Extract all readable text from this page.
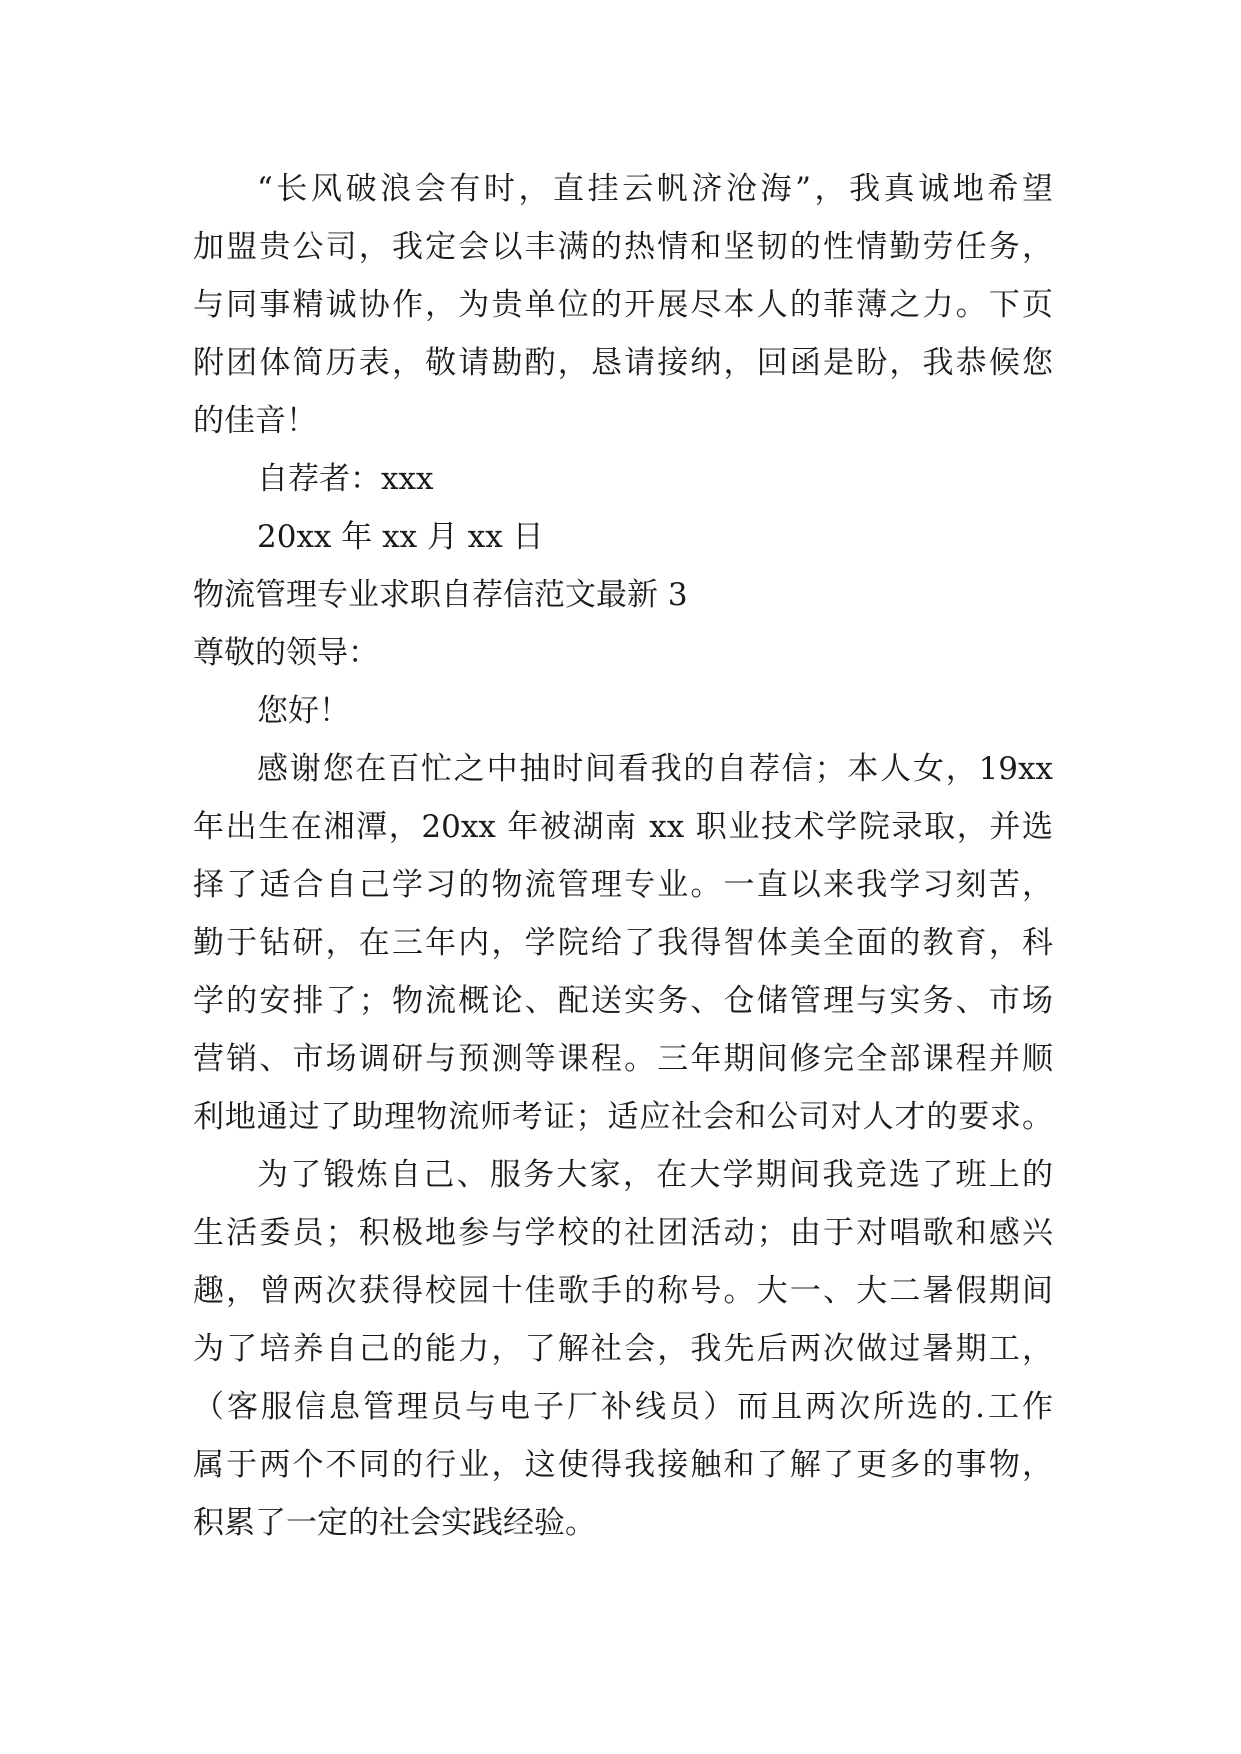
“长风破浪会有时，直挂云帆济沧海”，我真诚地希望
加盟贵公司，我定会以丰满的热情和坚韧的性情勤劳任务，
与同事精诚协作，为贵单位的开展尽本人的菲薄之力。下页
附团体简历表，敬请勘酌，恳请接纳，回函是盼，我恭候您
的佳音！
自荐者：xxx
20xx 年 xx 月 xx 日
物流管理专业求职自荐信范文最新 3
尊敬的领导：
您好！
感谢您在百忙之中抽时间看我的自荐信；本人女，19xx
年出生在湘潭，20xx 年被湖南 xx 职业技术学院录取，并选
择了适合自己学习的物流管理专业。一直以来我学习刻苦，
勤于钻研，在三年内，学院给了我得智体美全面的教育，科
学的安排了；物流概论、配送实务、仓储管理与实务、市场
营销、市场调研与预测等课程。三年期间修完全部课程并顺
利地通过了助理物流师考证；适应社会和公司对人才的要求。
为了锻炼自己、服务大家，在大学期间我竞选了班上的
生活委员；积极地参与学校的社团活动；由于对唱歌和感兴
趣，曾两次获得校园十佳歌手的称号。大一、大二暑假期间
为了培养自己的能力，了解社会，我先后两次做过暑期工，
（客服信息管理员与电子厂补线员）而且两次所选的.工作
属于两个不同的行业，这使得我接触和了解了更多的事物，
积累了一定的社会实践经验。
